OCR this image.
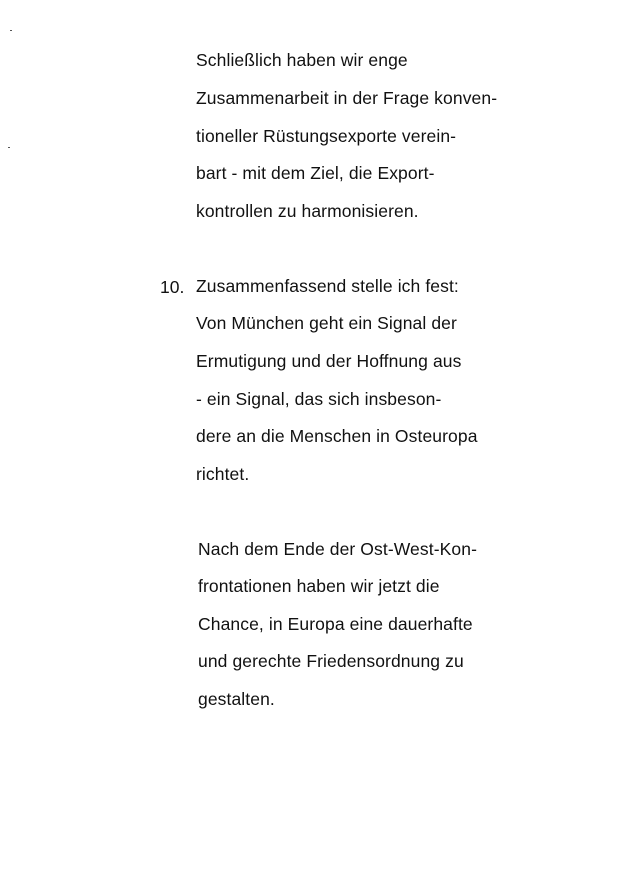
Schließlich haben wir enge
Zusammenarbeit in der Frage konven-
tioneller Rüstungsexporte verein-
bart - mit dem Ziel, die Export-
kontrollen zu harmonisieren.
10. Zusammenfassend stelle ich fest:
Von München geht ein Signal der
Ermutigung und der Hoffnung aus
- ein Signal, das sich insbeson-
dere an die Menschen in Osteuropa
richtet.
Nach dem Ende der Ost-West-Kon-
frontationen haben wir jetzt die
Chance, in Europa eine dauerhafte
und gerechte Friedensordnung zu
gestalten.
